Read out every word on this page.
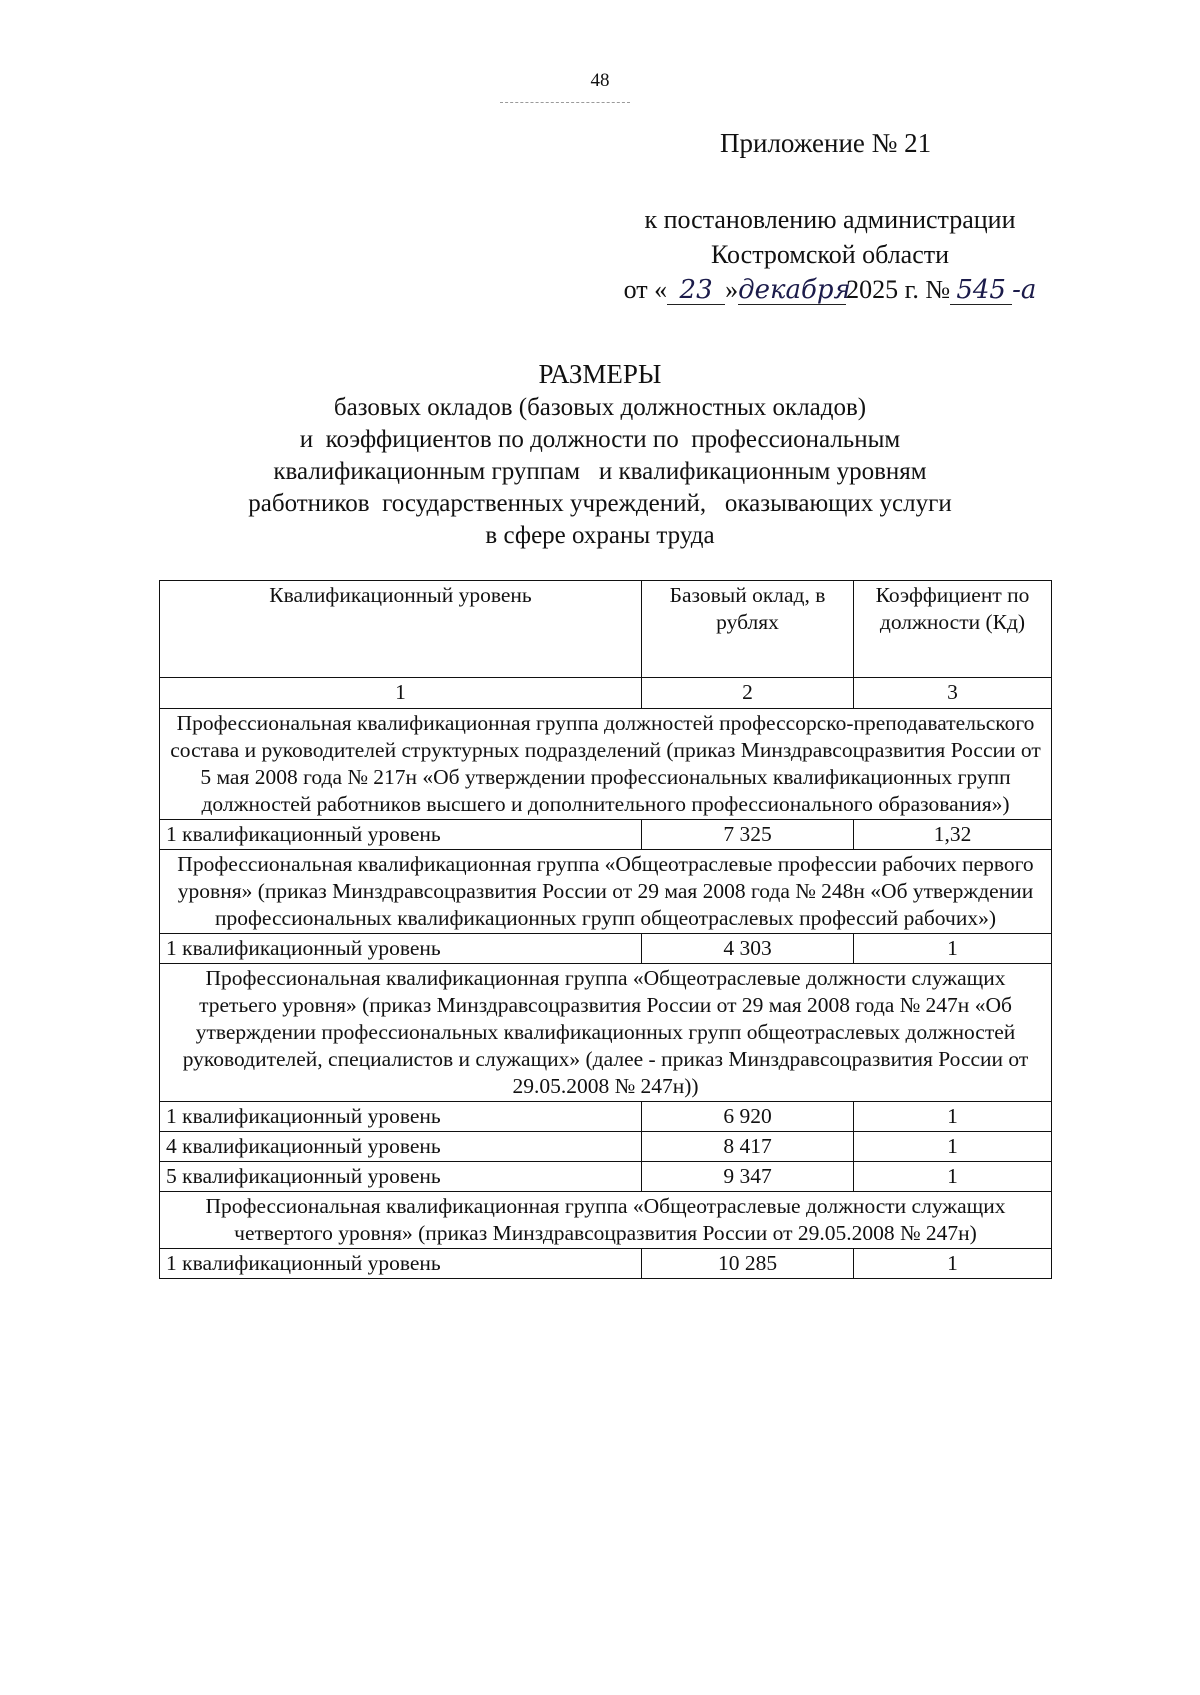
48
Приложение № 21
к постановлению администрации
Костромской области
от « 23 »декабря2025 г. № 545 -а
РАЗМЕРЫ
базовых окладов (базовых должностных окладов)
и  коэффициентов по должности по  профессиональным
квалификационным группам   и квалификационным уровням
работников  государственных учреждений,   оказывающих услуги
в сфере охраны труда
Квалификационный уровень	Базовый оклад, в рублях	Коэффициент по должности (Кд)
1	2	3
Профессиональная квалификационная группа должностей профессорско-преподавательского состава и руководителей структурных подразделений (приказ Минздравсоцразвития России от 5 мая 2008 года № 217н «Об утверждении профессиональных квалификационных групп должностей работников высшего и дополнительного профессионального образования»)		
1 квалификационный уровень	7 325	1,32
Профессиональная квалификационная группа «Общеотраслевые профессии рабочих первого уровня» (приказ Минздравсоцразвития России от 29 мая 2008 года № 248н «Об утверждении профессиональных квалификационных групп общеотраслевых профессий рабочих»)		
1 квалификационный уровень	4 303	1
Профессиональная квалификационная группа «Общеотраслевые должности служащих третьего уровня» (приказ Минздравсоцразвития России от 29 мая 2008 года № 247н «Об утверждении профессиональных квалификационных групп общеотраслевых должностей руководителей, специалистов и служащих» (далее - приказ Минздравсоцразвития России от 29.05.2008 № 247н))		
1 квалификационный уровень	6 920	1
4 квалификационный уровень	8 417	1
5 квалификационный уровень	9 347	1
Профессиональная квалификационная группа «Общеотраслевые должности служащих четвертого уровня» (приказ Минздравсоцразвития России от 29.05.2008 № 247н)		
1 квалификационный уровень	10 285	1
